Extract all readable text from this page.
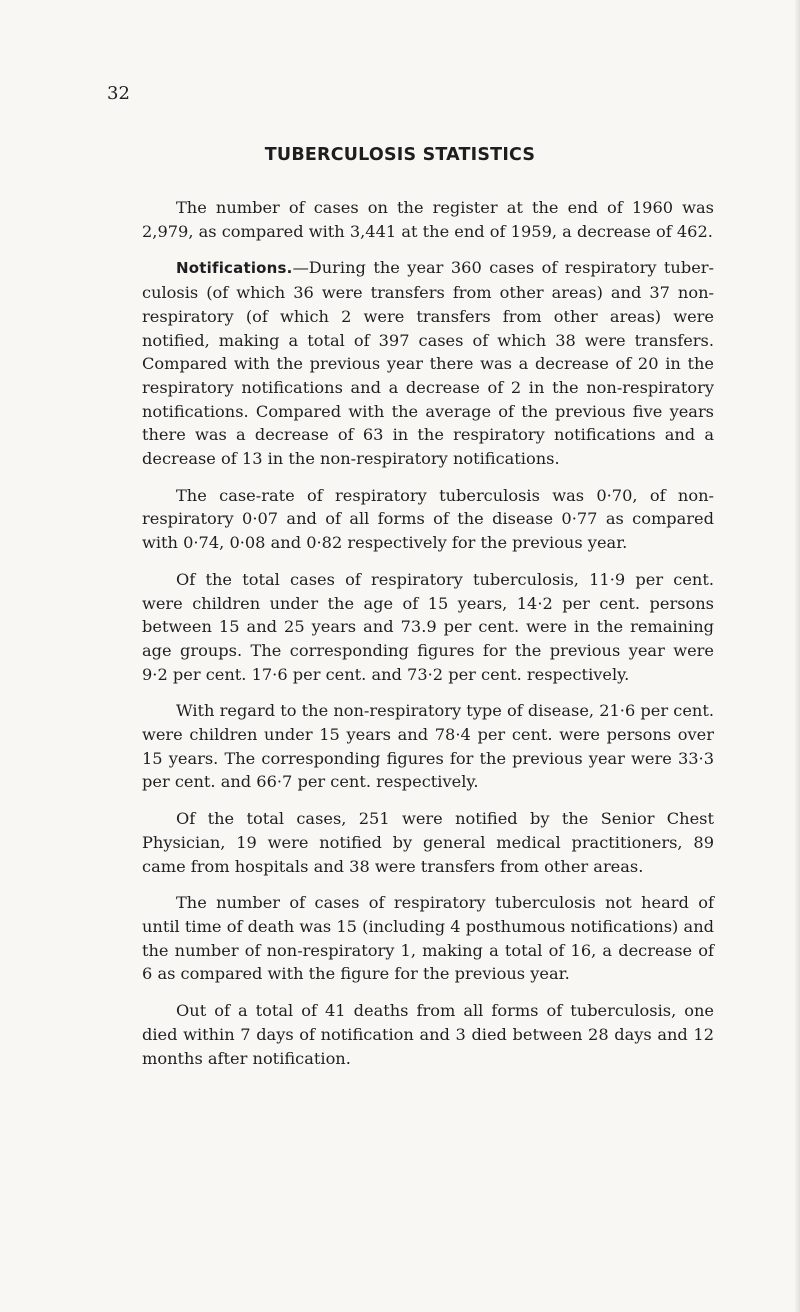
32
TUBERCULOSIS STATISTICS

The number of cases on the register at the end of 1960 was 2,979, as compared with 3,441 at the end of 1959, a decrease of 462.

Notifications.—During the year 360 cases of respiratory tuber-culosis (of which 36 were transfers from other areas) and 37 non-respiratory (of which 2 were transfers from other areas) were notified, making a total of 397 cases of which 38 were transfers. Compared with the previous year there was a decrease of 20 in the respiratory notifications and a decrease of 2 in the non-respiratory notifications. Compared with the average of the previous five years there was a decrease of 63 in the respiratory notifications and a decrease of 13 in the non-respiratory notifications.

The case-rate of respiratory tuberculosis was 0·70, of non-respiratory 0·07 and of all forms of the disease 0·77 as compared with 0·74, 0·08 and 0·82 respectively for the previous year.

Of the total cases of respiratory tuberculosis, 11·9 per cent. were children under the age of 15 years, 14·2 per cent. persons between 15 and 25 years and 73.9 per cent. were in the remaining age groups. The corresponding figures for the previous year were 9·2 per cent. 17·6 per cent. and 73·2 per cent. respectively.

With regard to the non-respiratory type of disease, 21·6 per cent. were children under 15 years and 78·4 per cent. were persons over 15 years. The corresponding figures for the previous year were 33·3 per cent. and 66·7 per cent. respectively.

Of the total cases, 251 were notified by the Senior Chest Physician, 19 were notified by general medical practitioners, 89 came from hospitals and 38 were transfers from other areas.

The number of cases of respiratory tuberculosis not heard of until time of death was 15 (including 4 posthumous notifications) and the number of non-respiratory 1, making a total of 16, a decrease of 6 as compared with the figure for the previous year.

Out of a total of 41 deaths from all forms of tuberculosis, one died within 7 days of notification and 3 died between 28 days and 12 months after notification.
